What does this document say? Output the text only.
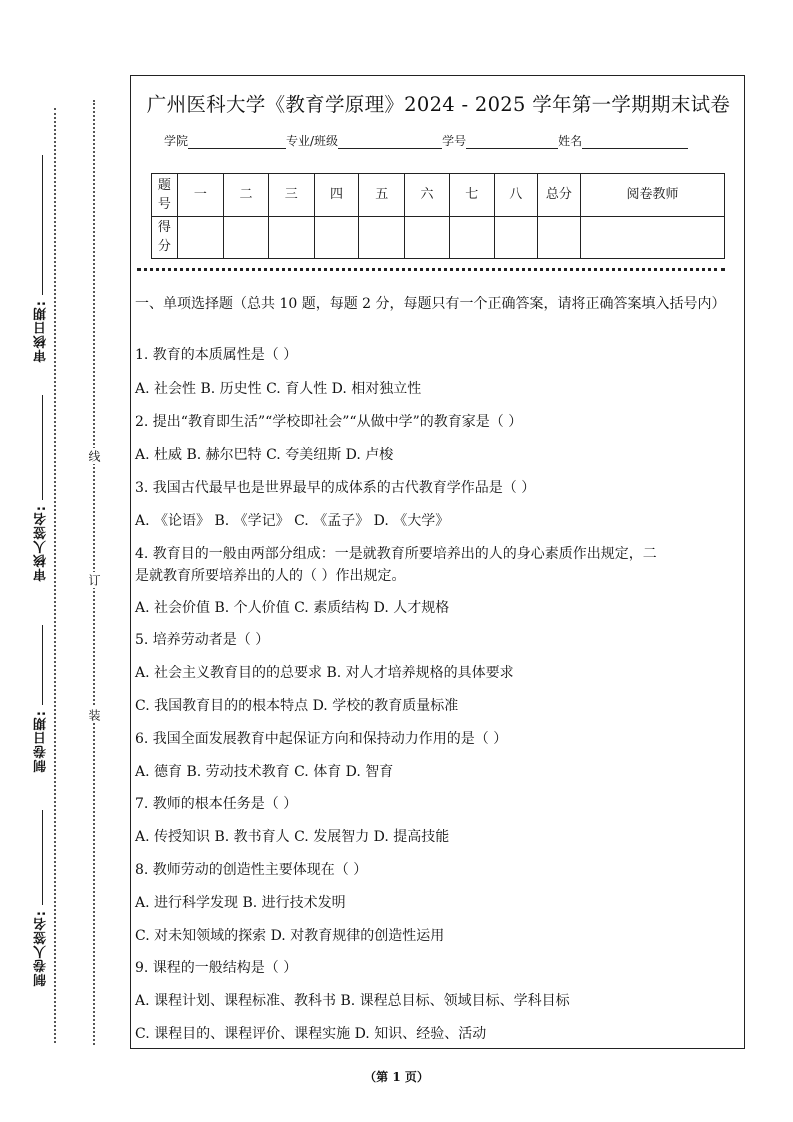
审核日期:
审核人签名:
制卷日期:
制卷人签名:
线
订
装
广州医科大学《教育学原理》2024 - 2025 学年第一学期期末试卷
学院	专业/班级	学号	姓名
题号	一	二	三	四	五	六	七	八	总分	阅卷教师
得分										
一、单项选择题（总共 10 题，每题 2 分，每题只有一个正确答案，请将正确答案填入括号内）
1. 教育的本质属性是（ ）
A. 社会性 B. 历史性 C. 育人性 D. 相对独立性
2. 提出“教育即生活”“学校即社会”“从做中学”的教育家是（ ）
A. 杜威 B. 赫尔巴特 C. 夸美纽斯 D. 卢梭
3. 我国古代最早也是世界最早的成体系的古代教育学作品是（ ）
A. 《论语》 B. 《学记》 C. 《孟子》 D. 《大学》
4. 教育目的一般由两部分组成：一是就教育所要培养出的人的身心素质作出规定，二
是就教育所要培养出的人的（ ）作出规定。
A. 社会价值 B. 个人价值 C. 素质结构 D. 人才规格
5. 培养劳动者是（ ）
A. 社会主义教育目的的总要求 B. 对人才培养规格的具体要求
C. 我国教育目的的根本特点 D. 学校的教育质量标准
6. 我国全面发展教育中起保证方向和保持动力作用的是（ ）
A. 德育 B. 劳动技术教育 C. 体育 D. 智育
7. 教师的根本任务是（ ）
A. 传授知识 B. 教书育人 C. 发展智力 D. 提高技能
8. 教师劳动的创造性主要体现在（ ）
A. 进行科学发现 B. 进行技术发明
C. 对未知领域的探索 D. 对教育规律的创造性运用
9. 课程的一般结构是（ ）
A. 课程计划、课程标准、教科书 B. 课程总目标、领域目标、学科目标
C. 课程目的、课程评价、课程实施 D. 知识、经验、活动
（第 1 页）
